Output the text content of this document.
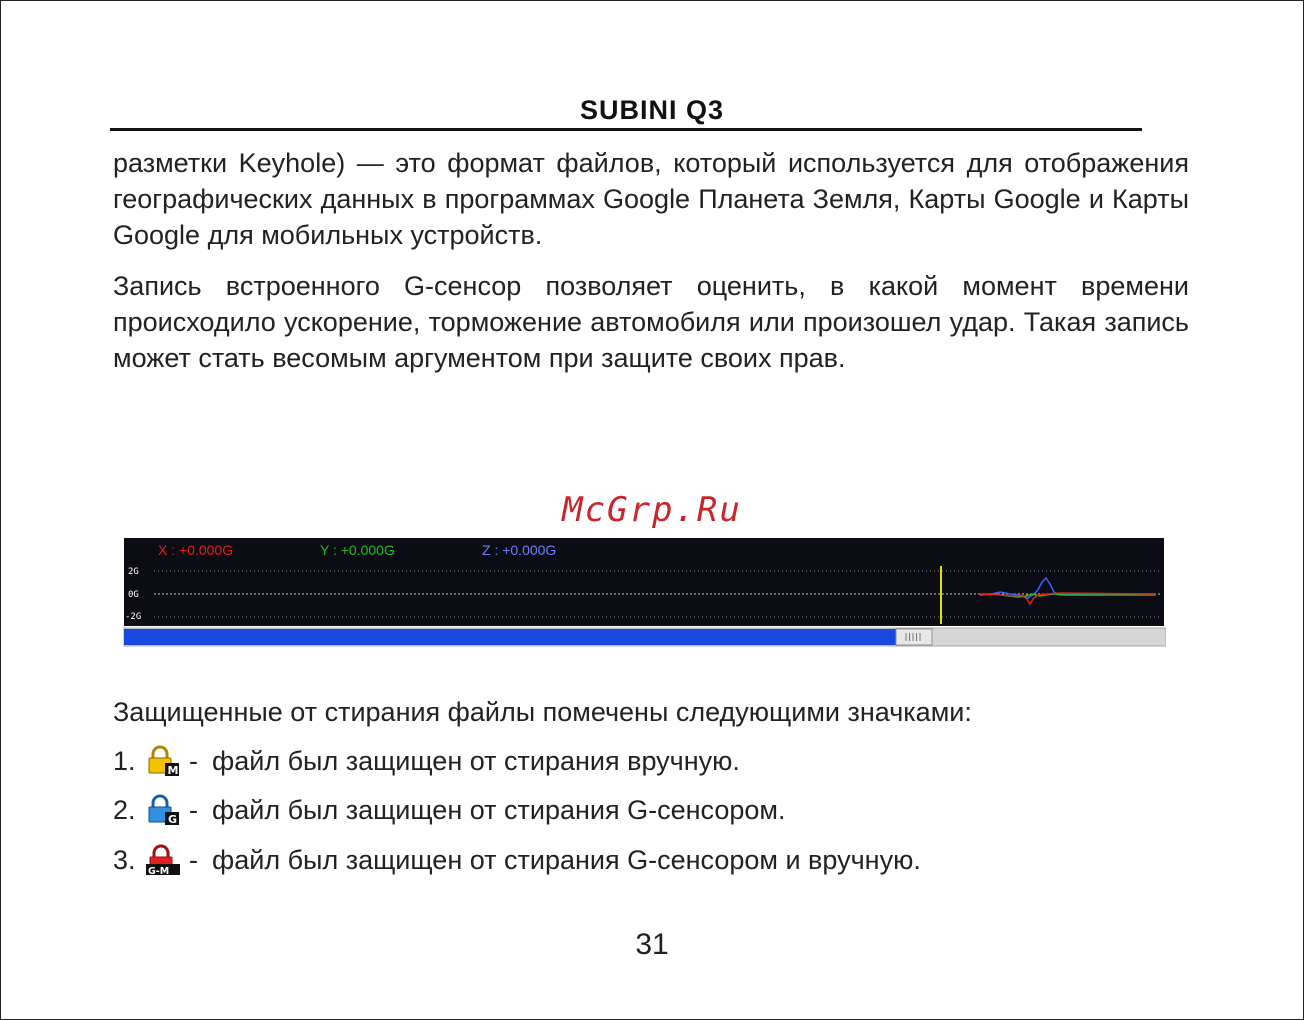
SUBINI Q3
разметки Keyhole) — это формат файлов, который используется для отображения географических данных в программах Google Планета Земля, Карты Google и Карты Google для мобильных устройств.
Запись встроенного G-сенсор позволяет оценить, в какой момент времени происходило ускорение, торможение автомобиля или произошел удар. Такая запись может стать весомым аргументом при защите своих прав.
McGrp.Ru
X : +0.000G	Y : +0.000G	Z : +0.000G
2G
0G
-2G
Защищенные от стирания файлы помечены следующими значками:
1.	M - файл был защищен от стирания вручную.
2.	G - файл был защищен от стирания G-сенсором.
3.	G-M - файл был защищен от стирания G-сенсором и вручную.
31
